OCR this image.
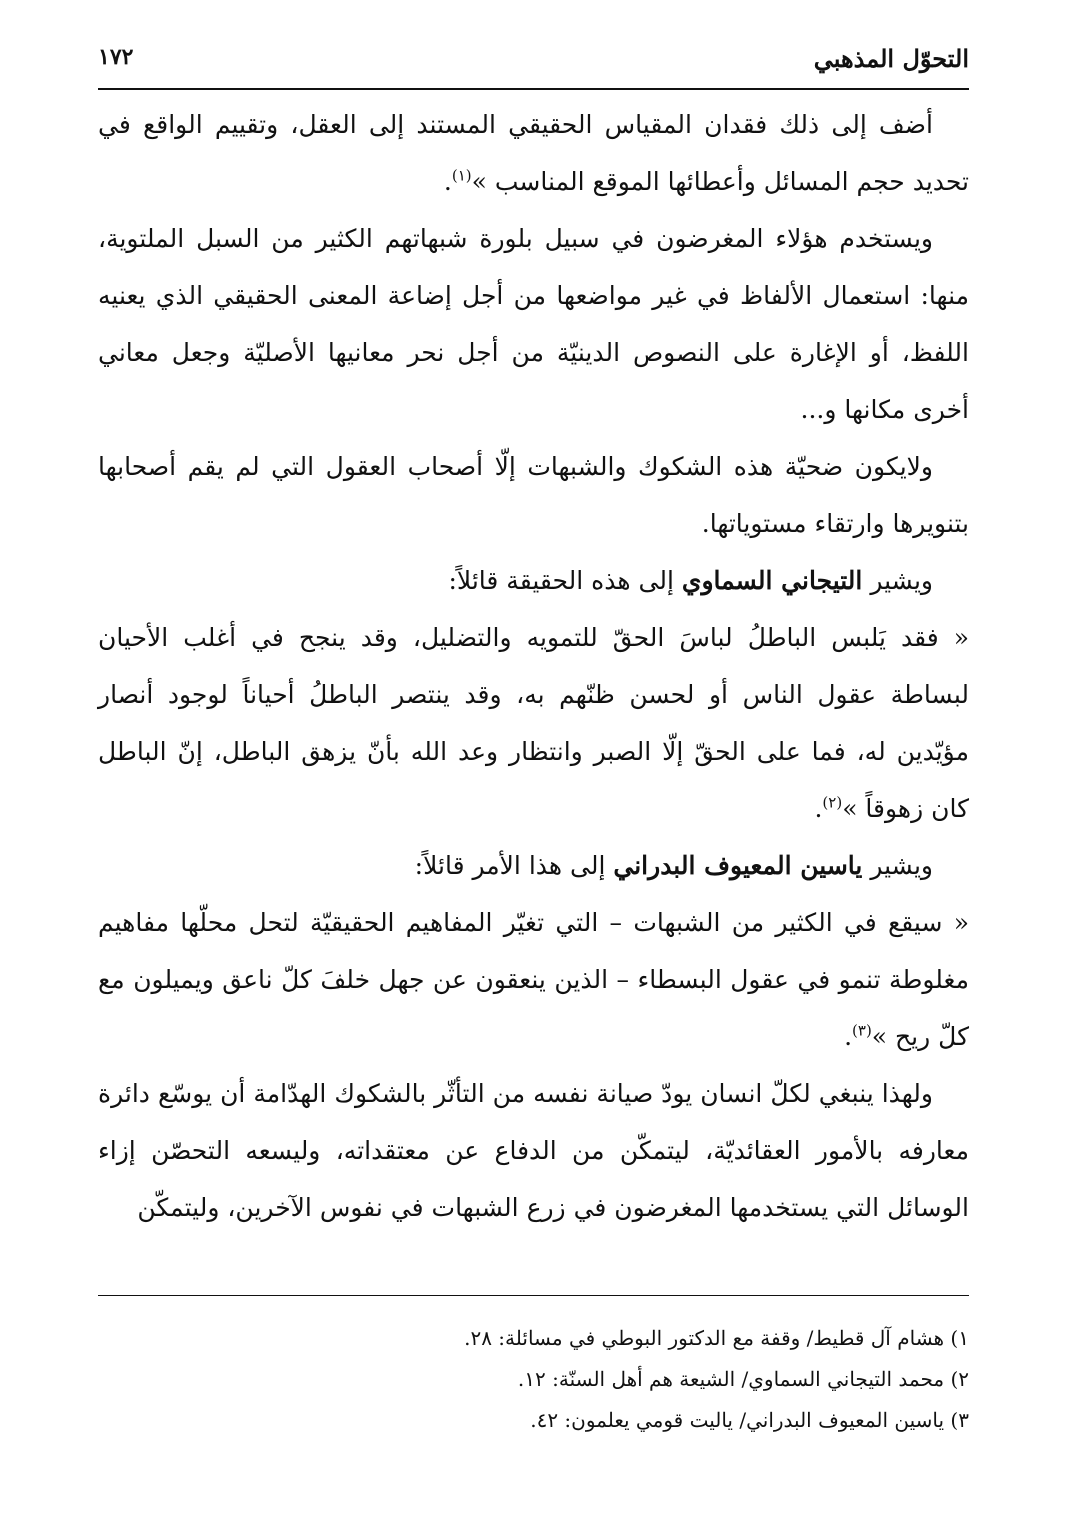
التحوّل المذهبي
١٧٢

أضف إلى ذلك فقدان المقياس الحقيقي المستند إلى العقل، وتقييم الواقع في تحديد حجم المسائل وأعطائها الموقع المناسب »$^{(١)}$.

ويستخدم هؤلاء المغرضون في سبيل بلورة شبهاتهم الكثير من السبل الملتوية، منها: استعمال الألفاظ في غير مواضعها من أجل إضاعة المعنى الحقيقي الذي يعنيه اللفظ، أو الإغارة على النصوص الدينيّة من أجل نحر معانيها الأصليّة وجعل معاني أخرى مكانها و...

ولايكون ضحيّة هذه الشكوك والشبهات إلّا أصحاب العقول التي لم يقم أصحابها بتنويرها وارتقاء مستوياتها.

ويشير التيجاني السماوي إلى هذه الحقيقة قائلاً:

« فقد يَلبس الباطلُ لباسَ الحقّ للتمويه والتضليل، وقد ينجح في أغلب الأحيان لبساطة عقول الناس أو لحسن ظنّهم به، وقد ينتصر الباطلُ أحياناً لوجود أنصار مؤيّدين له، فما على الحقّ إلّا الصبر وانتظار وعد الله بأنّ يزهق الباطل، إنّ الباطل كان زهوقاً »$^{(٢)}$.

ويشير ياسين المعيوف البدراني إلى هذا الأمر قائلاً:

« سيقع في الكثير من الشبهات – التي تغيّر المفاهيم الحقيقيّة لتحل محلّها مفاهيم مغلوطة تنمو في عقول البسطاء – الذين ينعقون عن جهل خلفَ كلّ ناعق ويميلون مع كلّ ريح »$^{(٣)}$.

ولهذا ينبغي لكلّ انسان يودّ صيانة نفسه من التأثّر بالشكوك الهدّامة أن يوسّع دائرة معارفه بالأمور العقائديّة، ليتمكّن من الدفاع عن معتقداته، وليسعه التحصّن إزاء الوسائل التي يستخدمها المغرضون في زرع الشبهات في نفوس الآخرين، وليتمكّن

١) هشام آل قطيط/ وقفة مع الدكتور البوطي في مسائلة: ٢٨.
٢) محمد التيجاني السماوي/ الشيعة هم أهل السنّة: ١٢.
٣) ياسين المعيوف البدراني/ ياليت قومي يعلمون: ٤٢.
